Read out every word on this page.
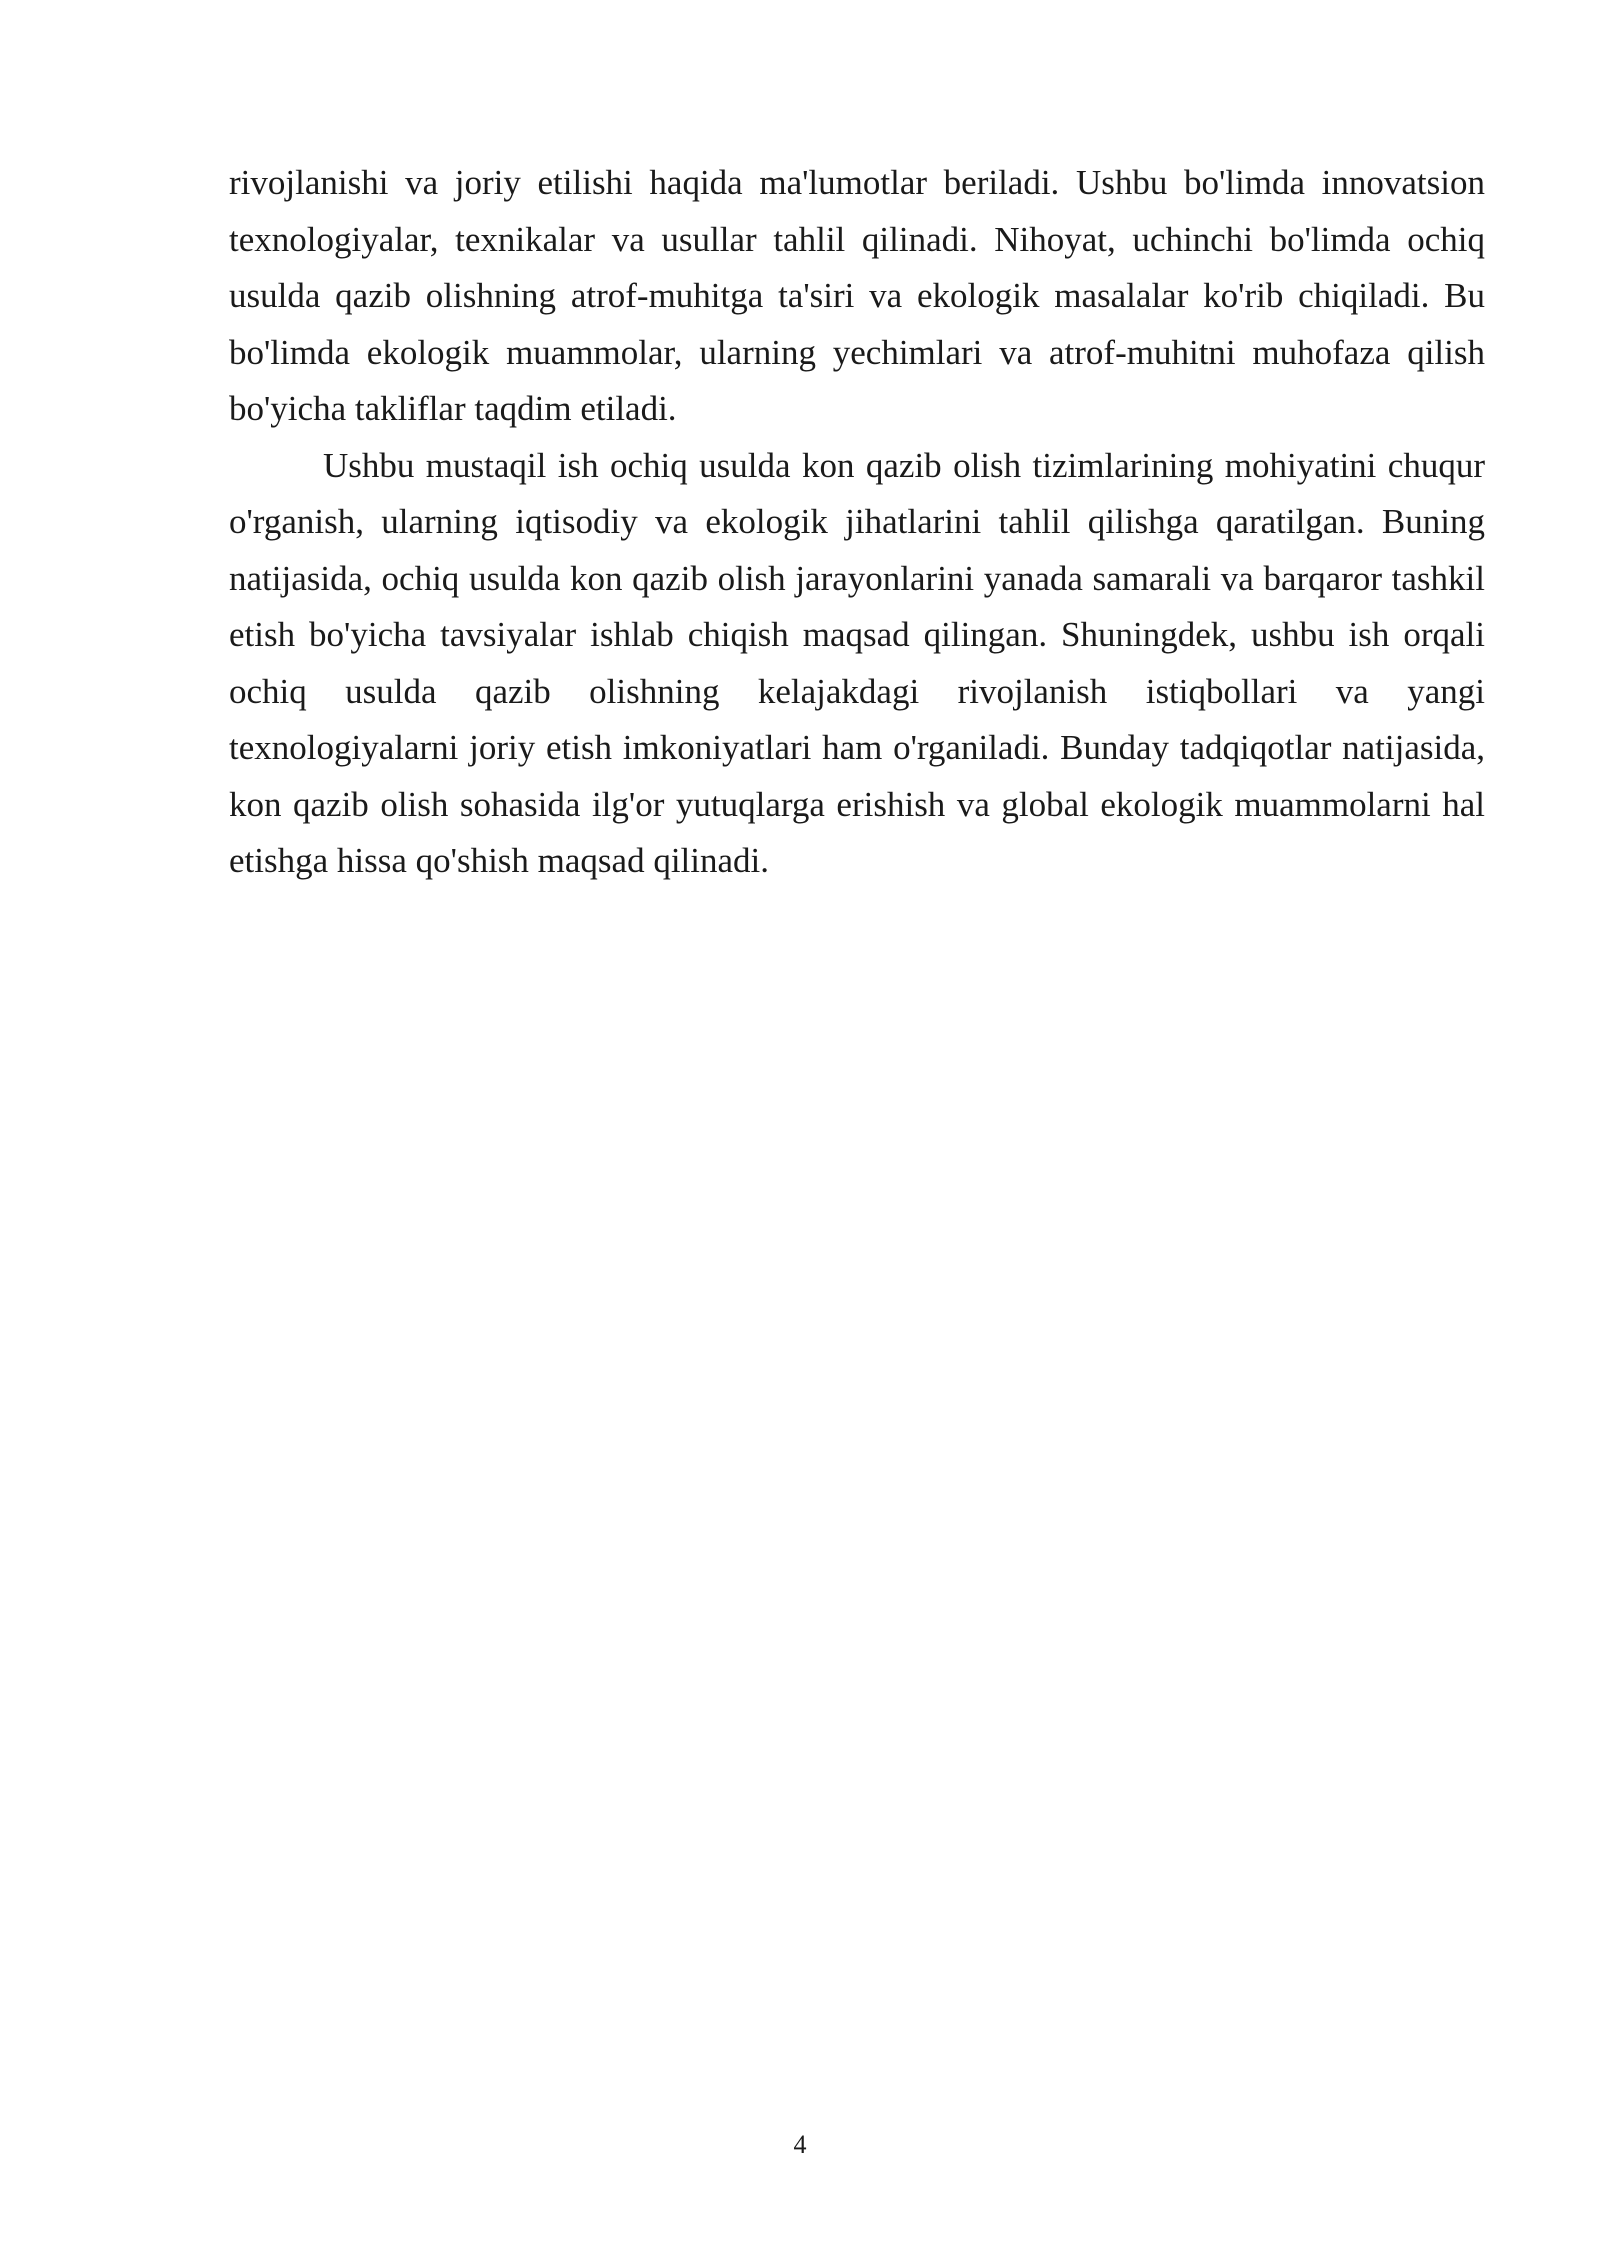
rivojlanishi va joriy etilishi haqida ma'lumotlar beriladi. Ushbu bo'limda innovatsion texnologiyalar, texnikalar va usullar tahlil qilinadi. Nihoyat, uchinchi bo'limda ochiq usulda qazib olishning atrof-muhitga ta'siri va ekologik masalalar ko'rib chiqiladi. Bu bo'limda ekologik muammolar, ularning yechimlari va atrof-muhitni muhofaza qilish bo'yicha takliflar taqdim etiladi.

Ushbu mustaqil ish ochiq usulda kon qazib olish tizimlarining mohiyatini chuqur o'rganish, ularning iqtisodiy va ekologik jihatlarini tahlil qilishga qaratilgan. Buning natijasida, ochiq usulda kon qazib olish jarayonlarini yanada samarali va barqaror tashkil etish bo'yicha tavsiyalar ishlab chiqish maqsad qilingan. Shuningdek, ushbu ish orqali ochiq usulda qazib olishning kelajakdagi rivojlanish istiqbollari va yangi texnologiyalarni joriy etish imkoniyatlari ham o'rganiladi. Bunday tadqiqotlar natijasida, kon qazib olish sohasida ilg'or yutuqlarga erishish va global ekologik muammolarni hal etishga hissa qo'shish maqsad qilinadi.

4
